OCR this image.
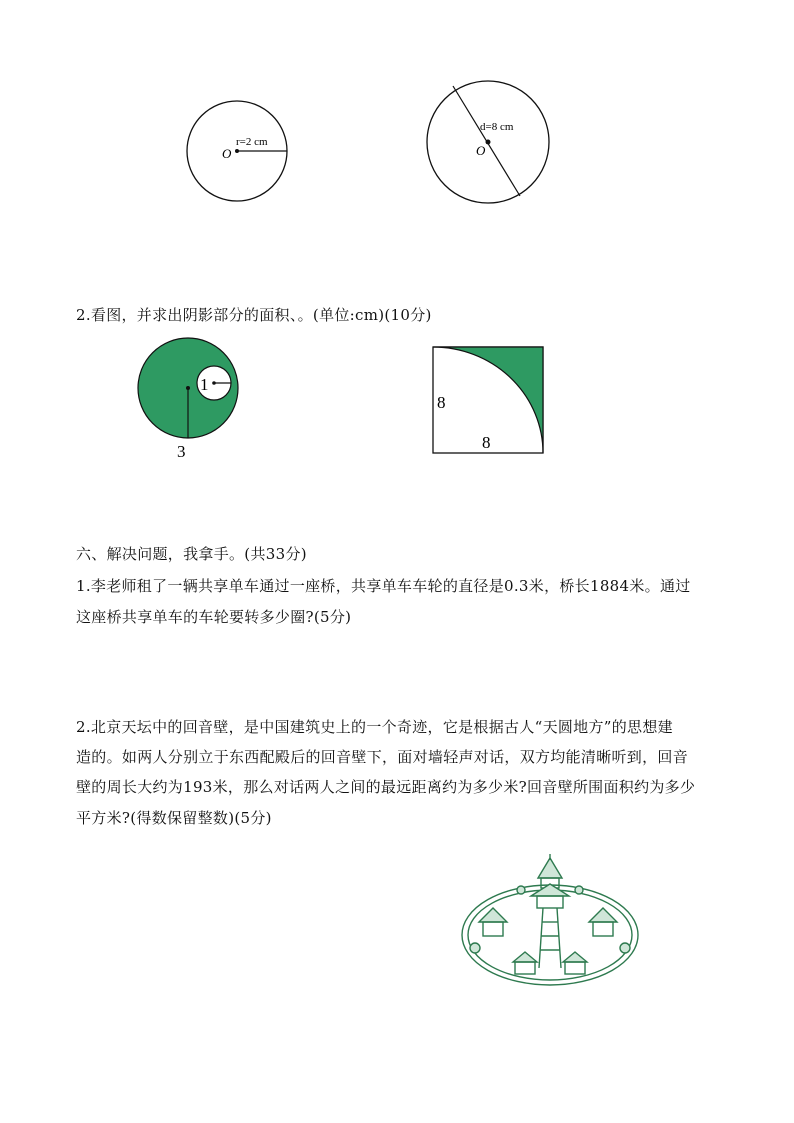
O
r=2 cm
O
d=8 cm
2.看图，并求出阴影部分的面积、。(单位:cm)(10分)
1
3
8
8
六、解决问题，我拿手。(共33分)
1.李老师租了一辆共享单车通过一座桥，共享单车车轮的直径是0.3米，桥长1884米。通过
这座桥共享单车的车轮要转多少圈?(5分)
2.北京天坛中的回音壁，是中国建筑史上的一个奇迹，它是根据古人“天圆地方”的思想建
造的。如两人分别立于东西配殿后的回音壁下，面对墙轻声对话，双方均能清晰听到，回音
壁的周长大约为193米，那么对话两人之间的最远距离约为多少米?回音壁所围面积约为多少
平方米?(得数保留整数)(5分)
